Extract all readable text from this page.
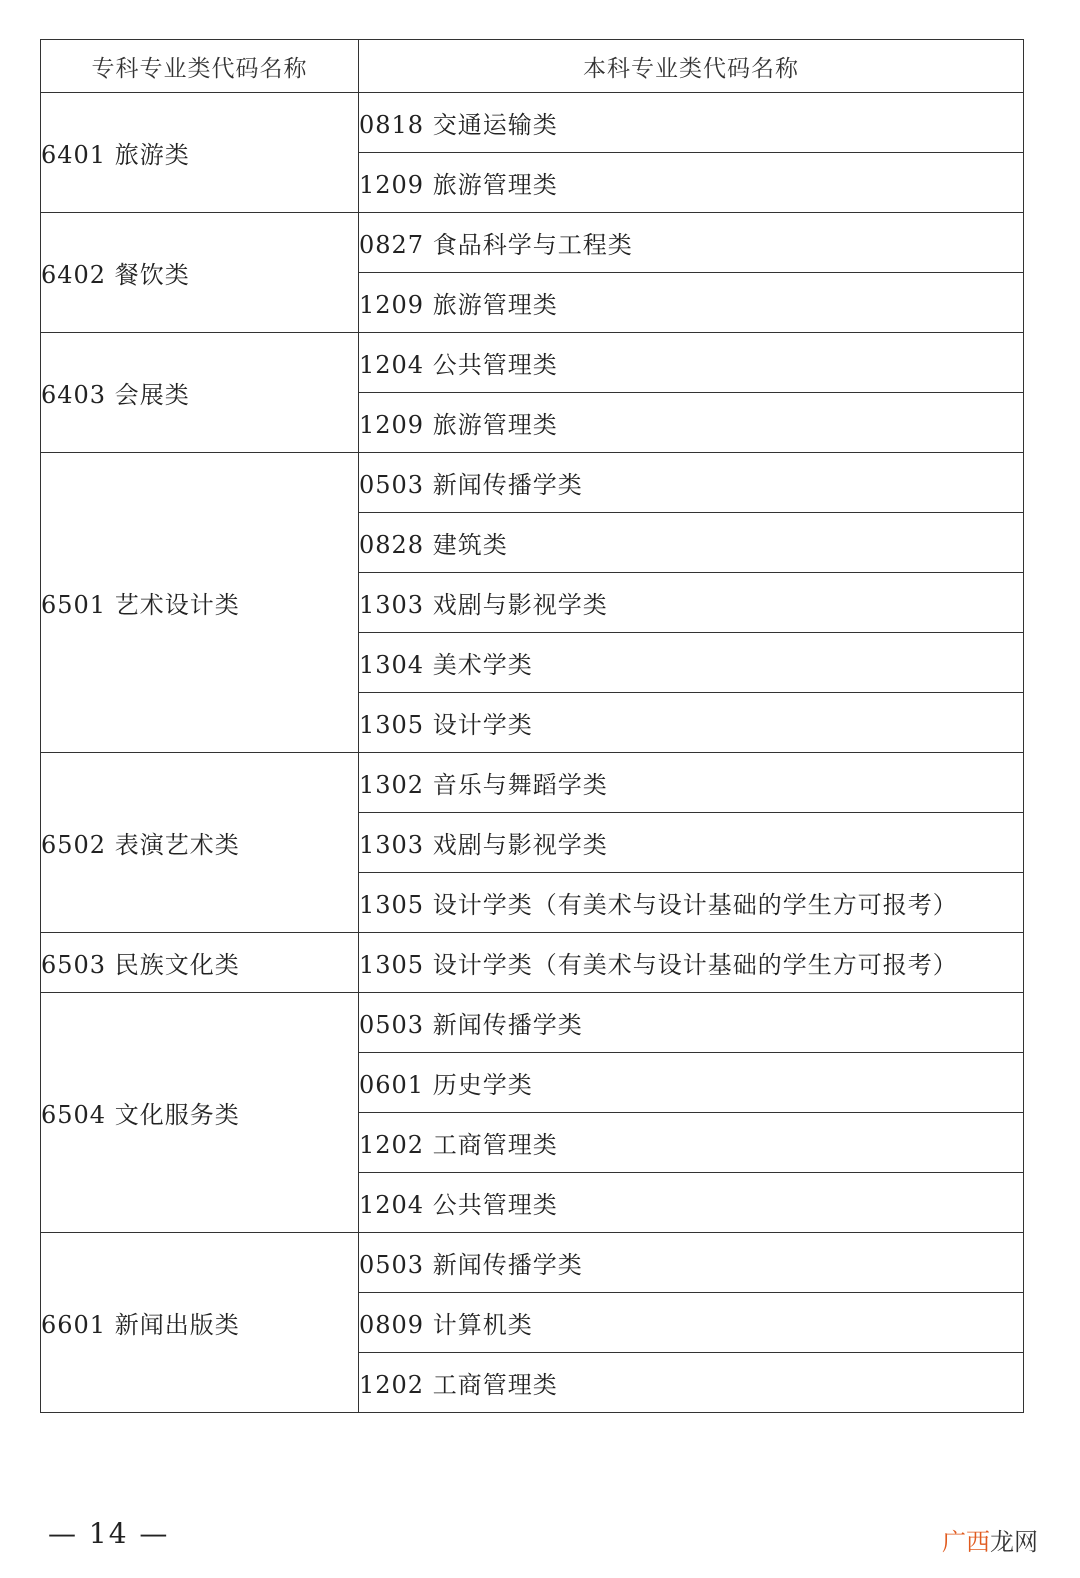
专科专业类代码名称	本科专业类代码名称
6401 旅游类	0818 交通运输类
	1209 旅游管理类
6402 餐饮类	0827 食品科学与工程类
	1209 旅游管理类
6403 会展类	1204 公共管理类
	1209 旅游管理类
6501 艺术设计类	0503 新闻传播学类
	0828 建筑类
	1303 戏剧与影视学类
	1304 美术学类
	1305 设计学类
6502 表演艺术类	1302 音乐与舞蹈学类
	1303 戏剧与影视学类
	1305 设计学类（有美术与设计基础的学生方可报考）
6503 民族文化类	1305 设计学类（有美术与设计基础的学生方可报考）
6504 文化服务类	0503 新闻传播学类
	0601 历史学类
	1202 工商管理类
	1204 公共管理类
6601 新闻出版类	0503 新闻传播学类
	0809 计算机类
	1202 工商管理类
— 14 —	广西龙网
